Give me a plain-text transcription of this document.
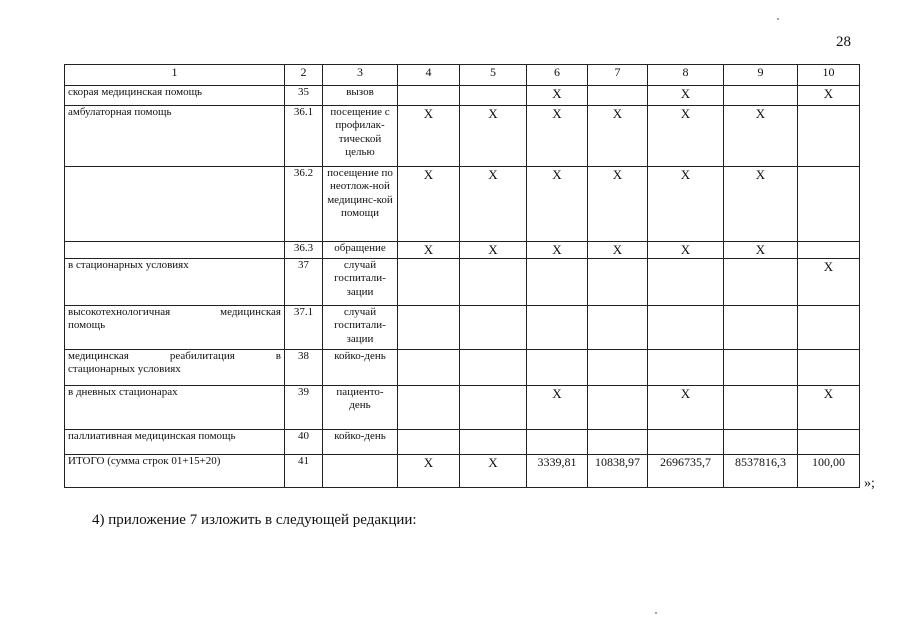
28
1	2	3	4	5	6	7	8	9	10
скорая медицинская помощь	35	вызов			X		X		X
амбулаторная помощь	36.1	посещение с профилак-тической целью	X	X	X	X	X	X	
	36.2	посещение по неотлож-ной медицинс-кой помощи	X	X	X	X	X	X	
	36.3	обращение	X	X	X	X	X	X	
в стационарных условиях	37	случай госпитали-зации							X
высокотехнологичная медицинская
помощь	37.1	случай госпитали-зации							
медицинская реабилитация в
стационарных условиях	38	койко-день							
в дневных стационарах	39	пациенто-день			X		X		X
паллиативная медицинская помощь	40	койко-день							
ИТОГО (сумма строк 01+15+20)	41		X	X	3339,81	10838,97	2696735,7	8537816,3	100,00
»;
4) приложение 7 изложить в следующей редакции:
